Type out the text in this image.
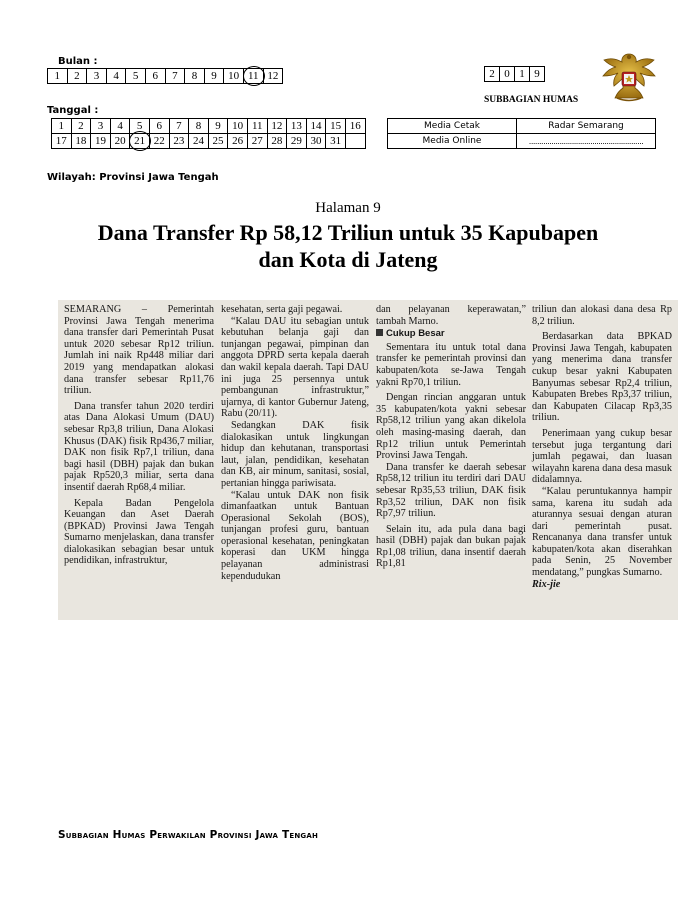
Bulan :
1	2	3	4	5	6	7	8	9	10	11	12	2	0	1	9
SUBBAGIAN HUMAS
Tanggal :
1	2	3	4	5	6	7	8	9	10	11	12	13	14	15	16
17	18	19	20	21	22	23	24	25	26	27	28	29	30	31	
Media Cetak	Radar Semarang
Media Online	........................................................
Wilayah: Provinsi Jawa Tengah
Halaman 9
Dana Transfer Rp 58,12 Triliun untuk 35 Kapubapen
dan Kota di Jateng

SEMARANG – Pemerintah Provinsi Jawa Tengah menerima dana transfer dari Pemerintah Pusat untuk 2020 sebesar Rp12 triliun. Jumlah ini naik Rp448 miliar dari 2019 yang mendapatkan alokasi dana transfer sebesar Rp11,76 triliun.

Dana transfer tahun 2020 terdiri atas Dana Alokasi Umum (DAU) sebesar Rp3,8 triliun, Dana Alokasi Khusus (DAK) fisik Rp436,7 miliar, DAK non fisik Rp7,1 triliun, dana bagi hasil (DBH) pajak dan bukan pajak Rp520,3 miliar, serta dana insentif daerah Rp68,4 miliar.

Kepala Badan Pengelola Keuangan dan Aset Daerah (BPKAD) Provinsi Jawa Tengah Sumarno menjelaskan, dana transfer dialokasikan sebagian besar untuk pendidikan, infrastruktur,

kesehatan, serta gaji pegawai.

“Kalau DAU itu sebagian untuk kebutuhan belanja gaji dan tunjangan pegawai, pimpinan dan anggota DPRD serta kepala daerah dan wakil kepala daerah. Tapi DAU ini juga 25 persennya untuk pembangunan infrastruktur,” ujarnya, di kantor Gubernur Jateng, Rabu (20/11).

Sedangkan DAK fisik dialokasikan untuk lingkungan hidup dan kehutanan, transportasi laut, jalan, pendidikan, kesehatan dan KB, air minum, sanitasi, sosial, pertanian hingga pariwisata.

“Kalau untuk DAK non fisik dimanfaatkan untuk Bantuan Operasional Sekolah (BOS), tunjangan profesi guru, bantuan operasional kesehatan, peningkatan koperasi dan UKM hingga pelayanan administrasi kependudukan

dan pelayanan keperawatan,” tambah Marno.

Cukup Besar

Sementara itu untuk total dana transfer ke pemerintah provinsi dan kabupaten/kota se-Jawa Tengah yakni Rp70,1 triliun.

Dengan rincian anggaran untuk 35 kabupaten/kota yakni sebesar Rp58,12 triliun yang akan dikelola oleh masing-masing daerah, dan Rp12 triliun untuk Pemerintah Provinsi Jawa Tengah.

Dana transfer ke daerah sebesar Rp58,12 triliun itu terdiri dari DAU sebesar Rp35,53 triliun, DAK fisik Rp3,52 triliun, DAK non fisik Rp7,97 triliun.

Selain itu, ada pula dana bagi hasil (DBH) pajak dan bukan pajak Rp1,08 triliun, dana insentif daerah Rp1,81

triliun dan alokasi dana desa Rp 8,2 triliun.

Berdasarkan data BPKAD Provinsi Jawa Tengah, kabupaten yang menerima dana transfer cukup besar yakni Kabupaten Banyumas sebesar Rp2,4 triliun, Kabupaten Brebes Rp3,37 triliun, dan Kabupaten Cilacap Rp3,35 triliun.

Penerimaan yang cukup besar tersebut juga tergantung dari jumlah pegawai, dan luasan wilayahn karena dana desa masuk didalamnya.

“Kalau peruntukannya hampir sama, karena itu sudah ada aturannya sesuai dengan aturan dari pemerintah pusat. Rencananya dana transfer untuk kabupaten/kota akan diserahkan pada Senin, 25 November mendatang,” pungkas Sumarno.

Rix-jie

Subbagian Humas Perwakilan Provinsi Jawa Tengah
